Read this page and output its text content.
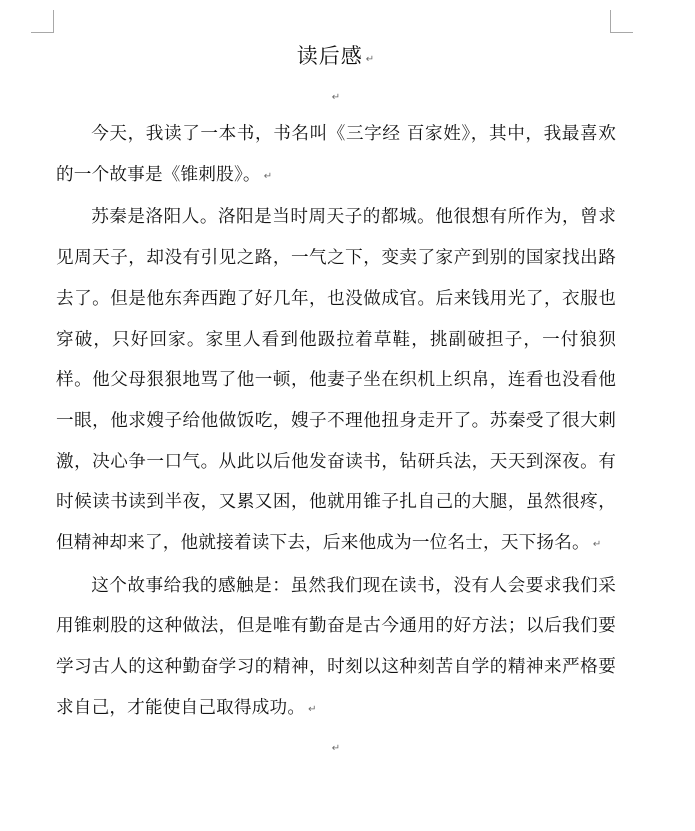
读后感 ↵
↵

今天，我读了一本书，书名叫《三字经 百家姓》，其中，我最喜欢的一个故事是《锥刺股》。 ↵

苏秦是洛阳人。洛阳是当时周天子的都城。他很想有所作为，曾求见周天子，却没有引见之路，一气之下，变卖了家产到别的国家找出路去了。但是他东奔西跑了好几年，也没做成官。后来钱用光了，衣服也穿破，只好回家。家里人看到他趿拉着草鞋，挑副破担子，一付狼狈样。他父母狠狠地骂了他一顿，他妻子坐在织机上织帛，连看也没看他一眼，他求嫂子给他做饭吃，嫂子不理他扭身走开了。苏秦受了很大刺激，决心争一口气。从此以后他发奋读书，钻研兵法，天天到深夜。有时候读书读到半夜，又累又困，他就用锥子扎自己的大腿，虽然很疼，但精神却来了，他就接着读下去，后来他成为一位名士，天下扬名。 ↵

这个故事给我的感触是：虽然我们现在读书，没有人会要求我们采用锥刺股的这种做法，但是唯有勤奋是古今通用的好方法；以后我们要学习古人的这种勤奋学习的精神，时刻以这种刻苦自学的精神来严格要求自己，才能使自己取得成功。 ↵

↵
